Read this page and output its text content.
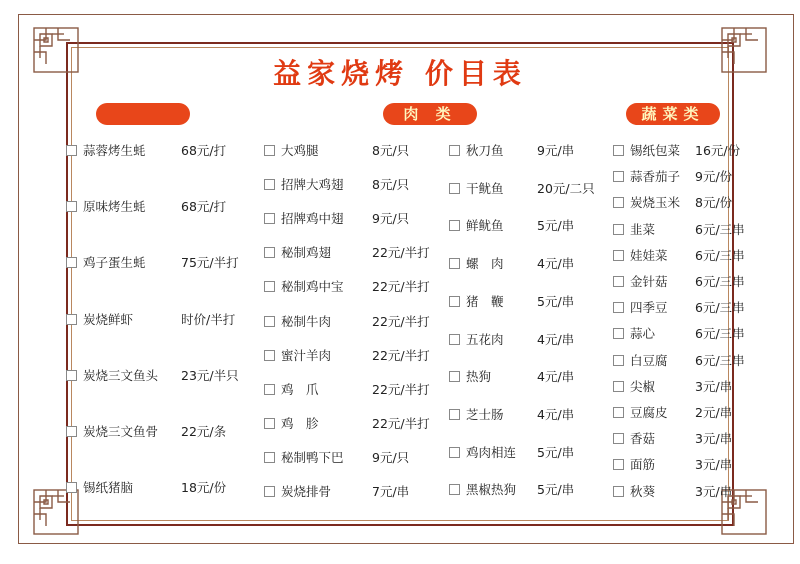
益家烧烤 价目表
肉 类	蔬菜类
蒜蓉烤生蚝	68元/打
原味烤生蚝	68元/打
鸡子蛋生蚝	75元/半打
炭烧鲜虾	时价/半打
炭烧三文鱼头 23元/半只
炭烧三文鱼骨 22元/条
锡纸猪脑	18元/份
大鸡腿	8元/只
招牌大鸡翅 8元/只
招牌鸡中翅 9元/只
秘制鸡翅	22元/半打
秘制鸡中宝 22元/半打
秘制牛肉	22元/半打
蜜汁羊肉	22元/半打
鸡　爪	22元/半打
鸡　胗	22元/半打
秘制鸭下巴 9元/只
炭烧排骨	7元/串
秋刀鱼	9元/串
干鱿鱼	20元/二只
鲜鱿鱼	5元/串
螺　肉	4元/串
猪　鞭	5元/串
五花肉	4元/串
热狗	4元/串
芝士肠	4元/串
鸡肉相连 5元/串
黑椒热狗 5元/串
锡纸包菜 16元/份
蒜香茄子 9元/份
炭烧玉米 8元/份
韭菜	6元/三串
娃娃菜 6元/三串
金针菇 6元/三串
四季豆 6元/三串
蒜心	6元/三串
白豆腐 6元/三串
尖椒	3元/串
豆腐皮 2元/串
香菇	3元/串
面筋	3元/串
秋葵	3元/串
